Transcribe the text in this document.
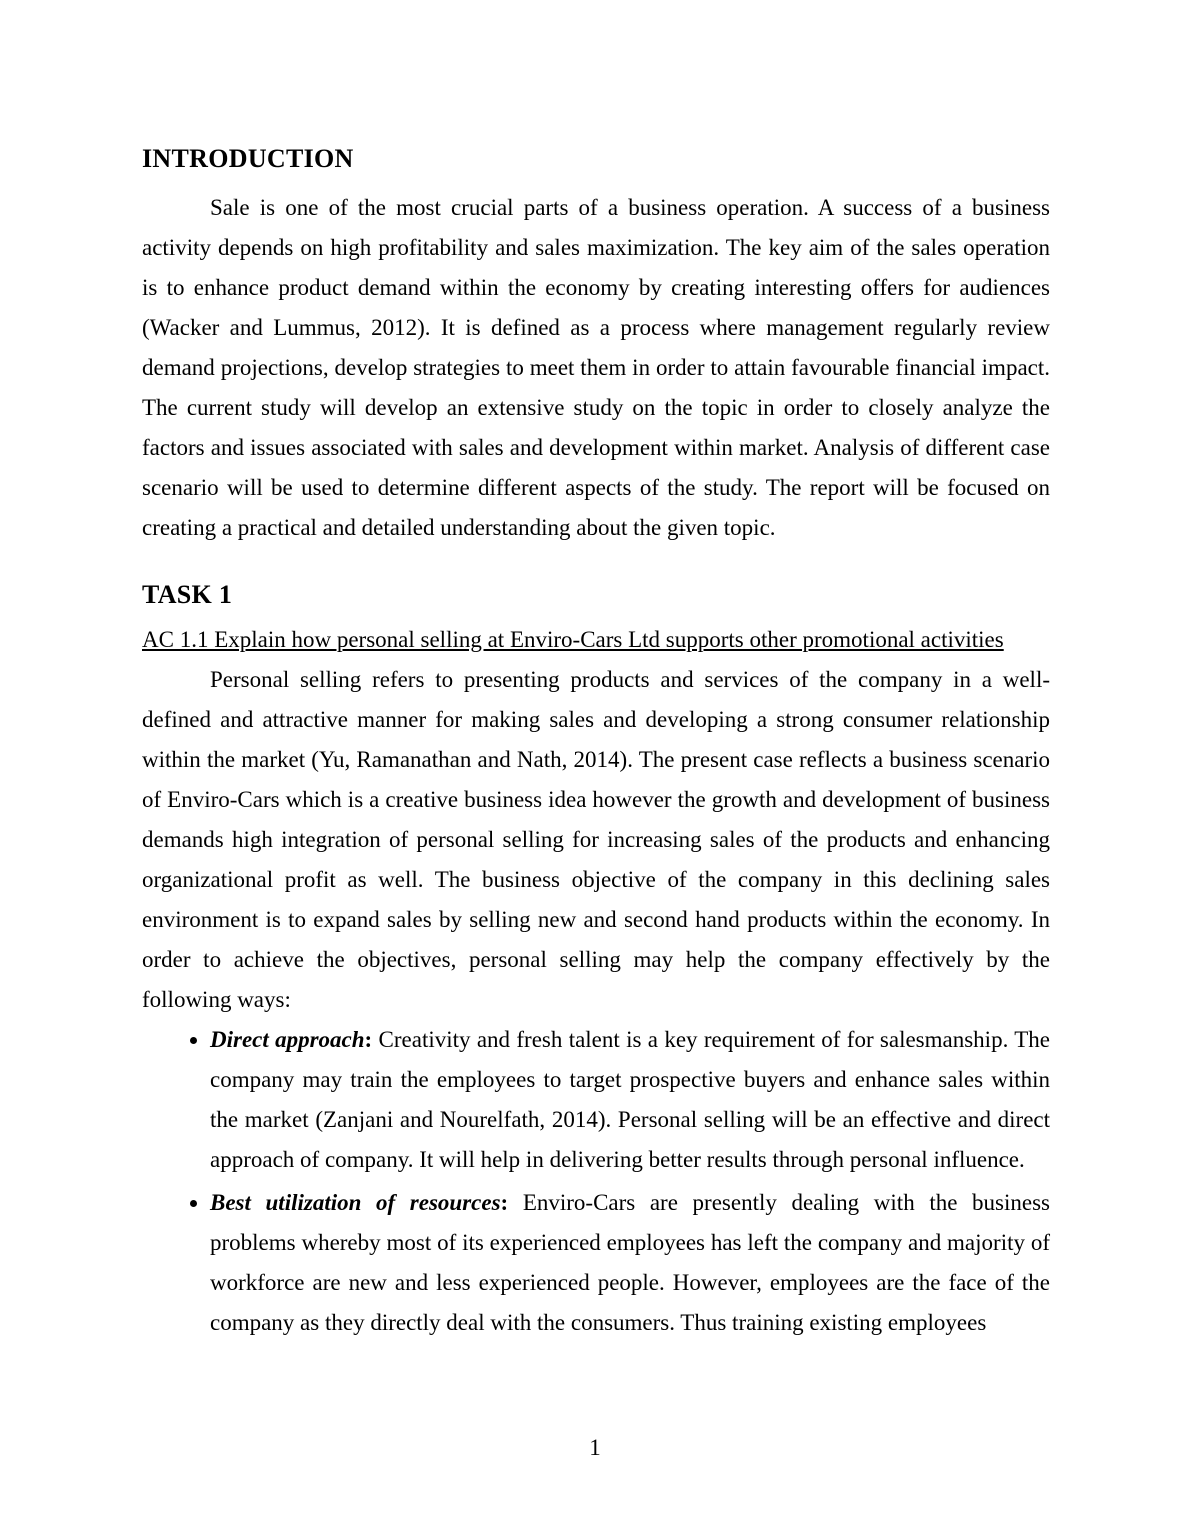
INTRODUCTION

Sale is one of the most crucial parts of a business operation. A success of a business activity depends on high profitability and sales maximization. The key aim of the sales operation is to enhance product demand within the economy by creating interesting offers for audiences (Wacker and Lummus, 2012). It is defined as a process where management regularly review demand projections, develop strategies to meet them in order to attain favourable financial impact. The current study will develop an extensive study on the topic in order to closely analyze the factors and issues associated with sales and development within market. Analysis of different case scenario will be used to determine different aspects of the study. The report will be focused on creating a practical and detailed understanding about the given topic.

TASK 1
AC 1.1 Explain how personal selling at Enviro-Cars Ltd supports other promotional activities

Personal selling refers to presenting products and services of the company in a well-defined and attractive manner for making sales and developing a strong consumer relationship within the market (Yu, Ramanathan and Nath, 2014). The present case reflects a business scenario of Enviro-Cars which is a creative business idea however the growth and development of business demands high integration of personal selling for increasing sales of the products and enhancing organizational profit as well. The business objective of the company in this declining sales environment is to expand sales by selling new and second hand products within the economy. In order to achieve the objectives, personal selling may help the company effectively by the following ways:

• Direct approach: Creativity and fresh talent is a key requirement of for salesmanship. The company may train the employees to target prospective buyers and enhance sales within the market (Zanjani and Nourelfath, 2014). Personal selling will be an effective and direct approach of company. It will help in delivering better results through personal influence.
• Best utilization of resources: Enviro-Cars are presently dealing with the business problems whereby most of its experienced employees has left the company and majority of workforce are new and less experienced people. However, employees are the face of the company as they directly deal with the consumers. Thus training existing employees
1
